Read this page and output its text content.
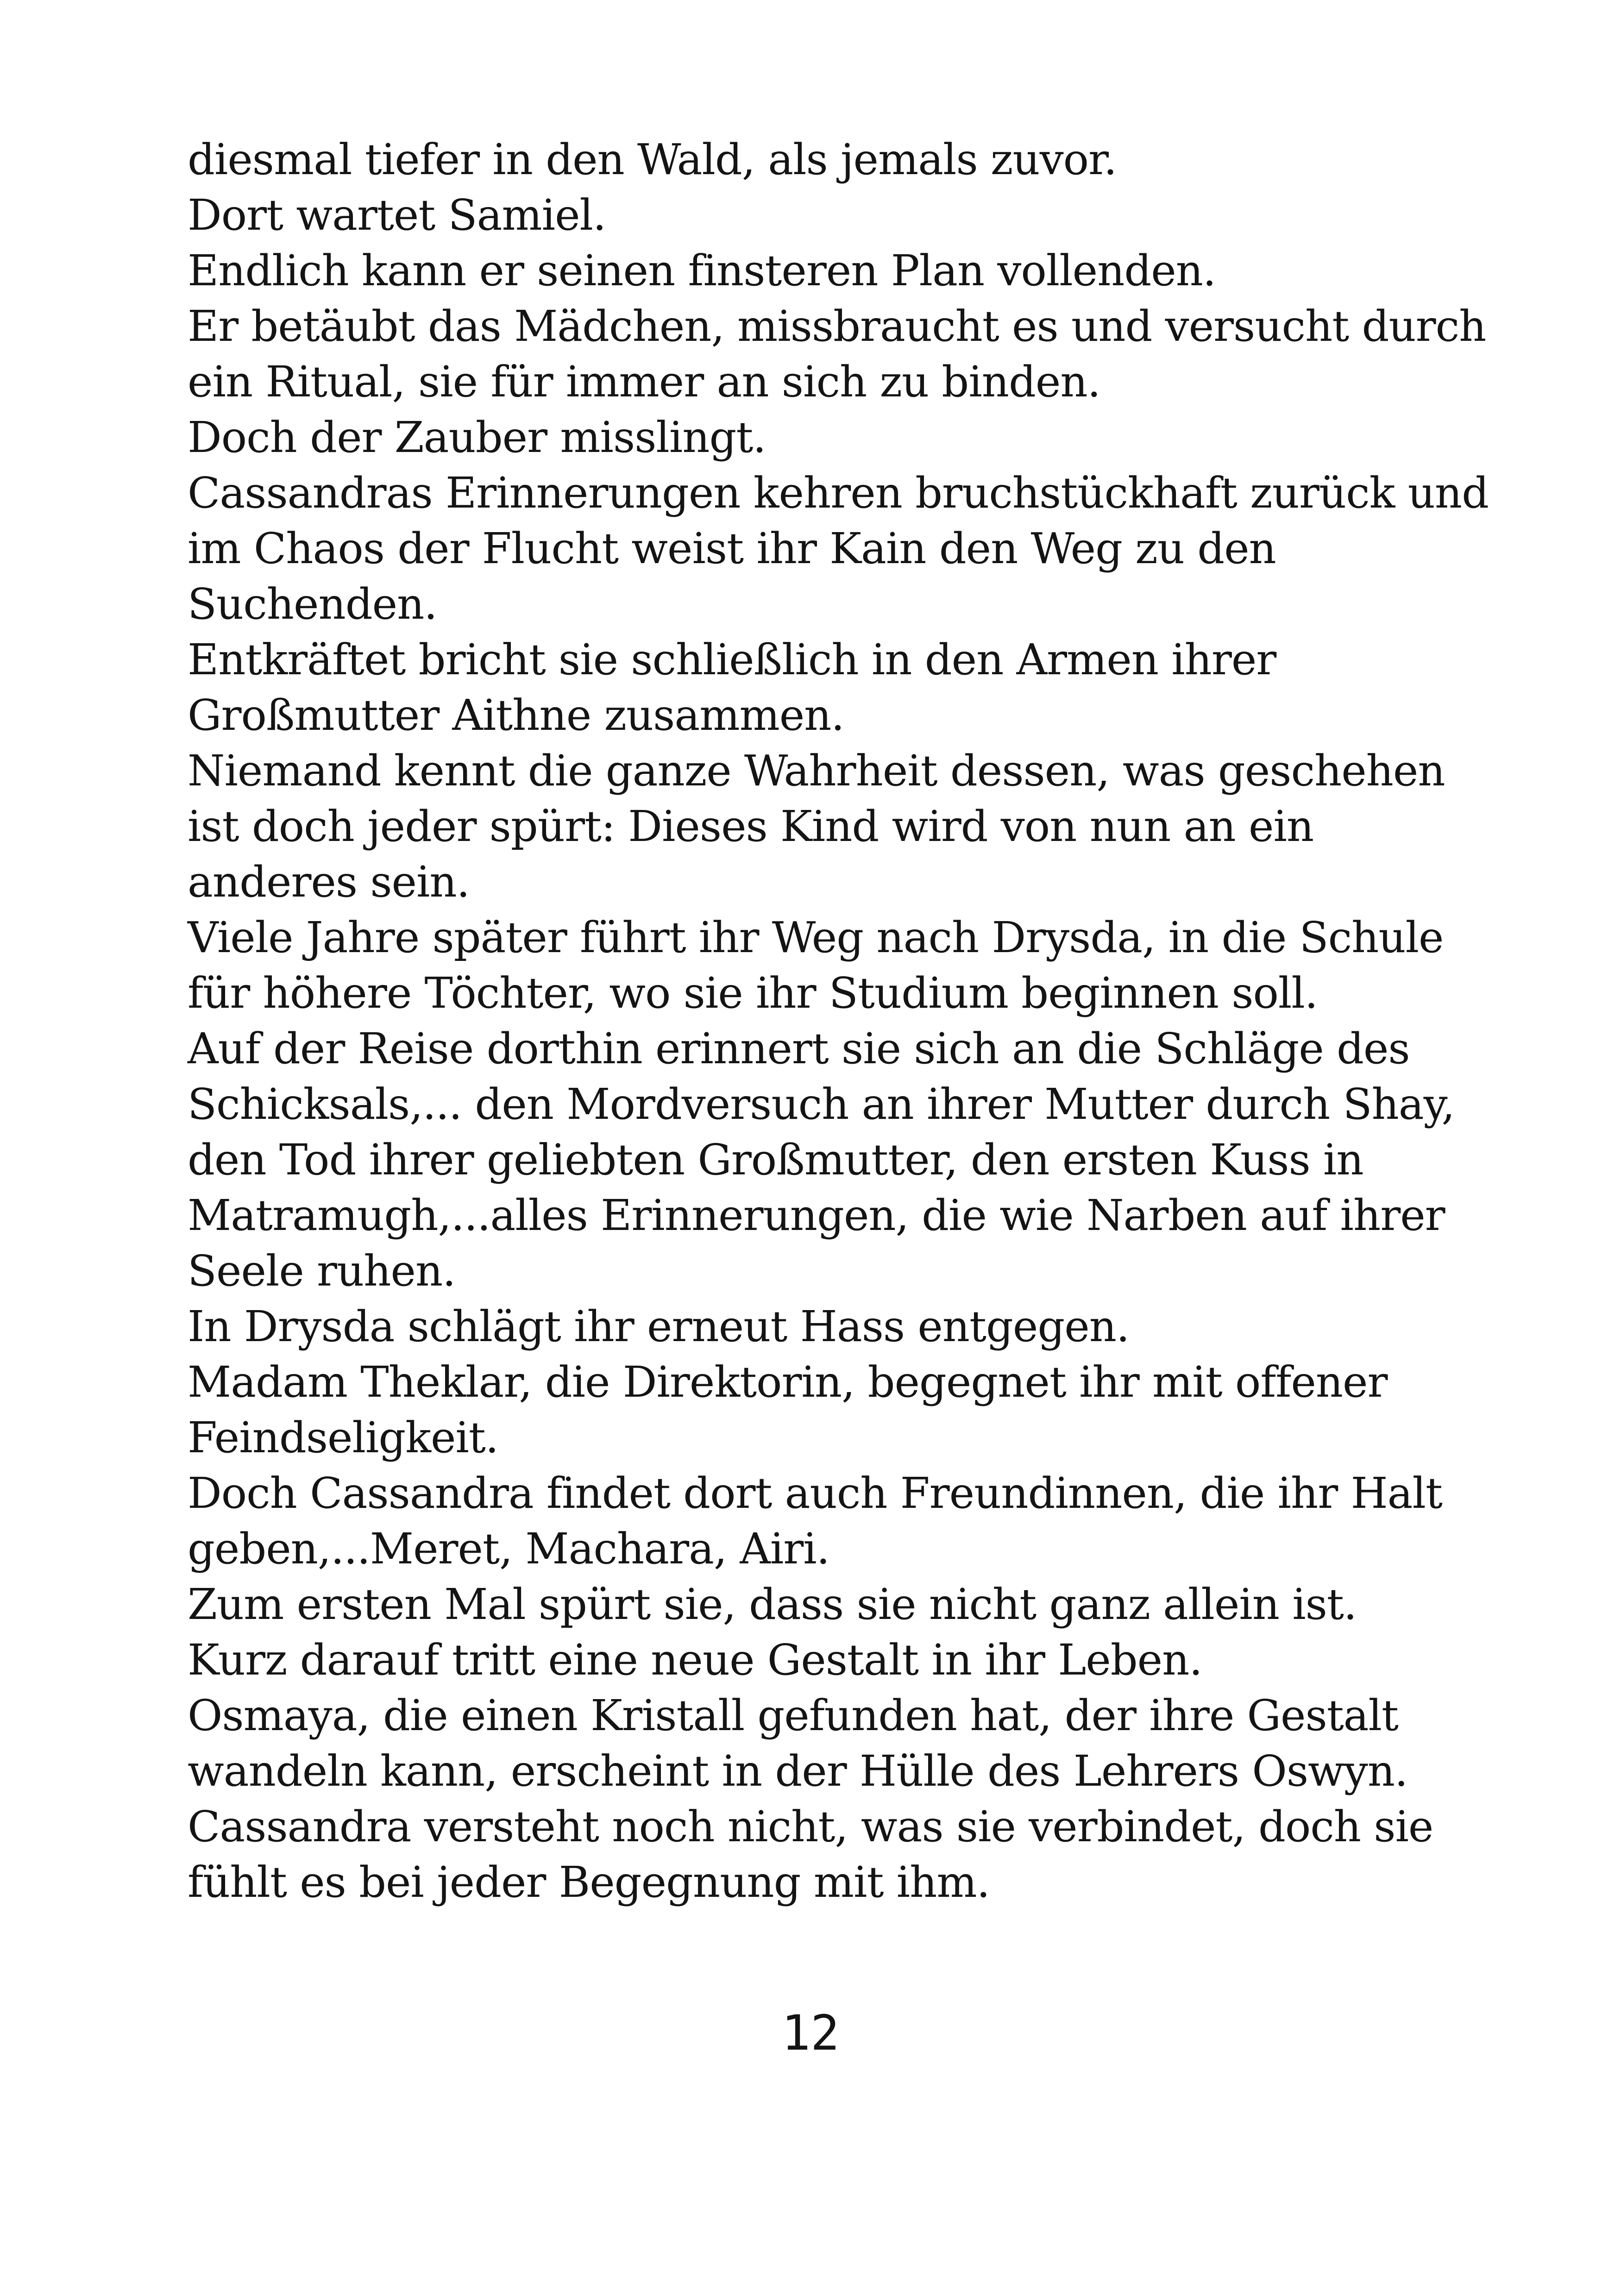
diesmal tiefer in den Wald, als jemals zuvor.
Dort wartet Samiel.
Endlich kann er seinen finsteren Plan vollenden.
Er betäubt das Mädchen, missbraucht es und versucht durch
ein Ritual, sie für immer an sich zu binden.
Doch der Zauber misslingt.
Cassandras Erinnerungen kehren bruchstückhaft zurück und
im Chaos der Flucht weist ihr Kain den Weg zu den
Suchenden.
Entkräftet bricht sie schließlich in den Armen ihrer
Großmutter Aithne zusammen.
Niemand kennt die ganze Wahrheit dessen, was geschehen
ist doch jeder spürt: Dieses Kind wird von nun an ein
anderes sein.
Viele Jahre später führt ihr Weg nach Drysda, in die Schule
für höhere Töchter, wo sie ihr Studium beginnen soll.
Auf der Reise dorthin erinnert sie sich an die Schläge des
Schicksals,... den Mordversuch an ihrer Mutter durch Shay,
den Tod ihrer geliebten Großmutter, den ersten Kuss in
Matramugh,...alles Erinnerungen, die wie Narben auf ihrer
Seele ruhen.
In Drysda schlägt ihr erneut Hass entgegen.
Madam Theklar, die Direktorin, begegnet ihr mit offener
Feindseligkeit.
Doch Cassandra findet dort auch Freundinnen, die ihr Halt
geben,...Meret, Machara, Airi.
Zum ersten Mal spürt sie, dass sie nicht ganz allein ist.
Kurz darauf tritt eine neue Gestalt in ihr Leben.
Osmaya, die einen Kristall gefunden hat, der ihre Gestalt
wandeln kann, erscheint in der Hülle des Lehrers Oswyn.
Cassandra versteht noch nicht, was sie verbindet, doch sie
fühlt es bei jeder Begegnung mit ihm.
12
